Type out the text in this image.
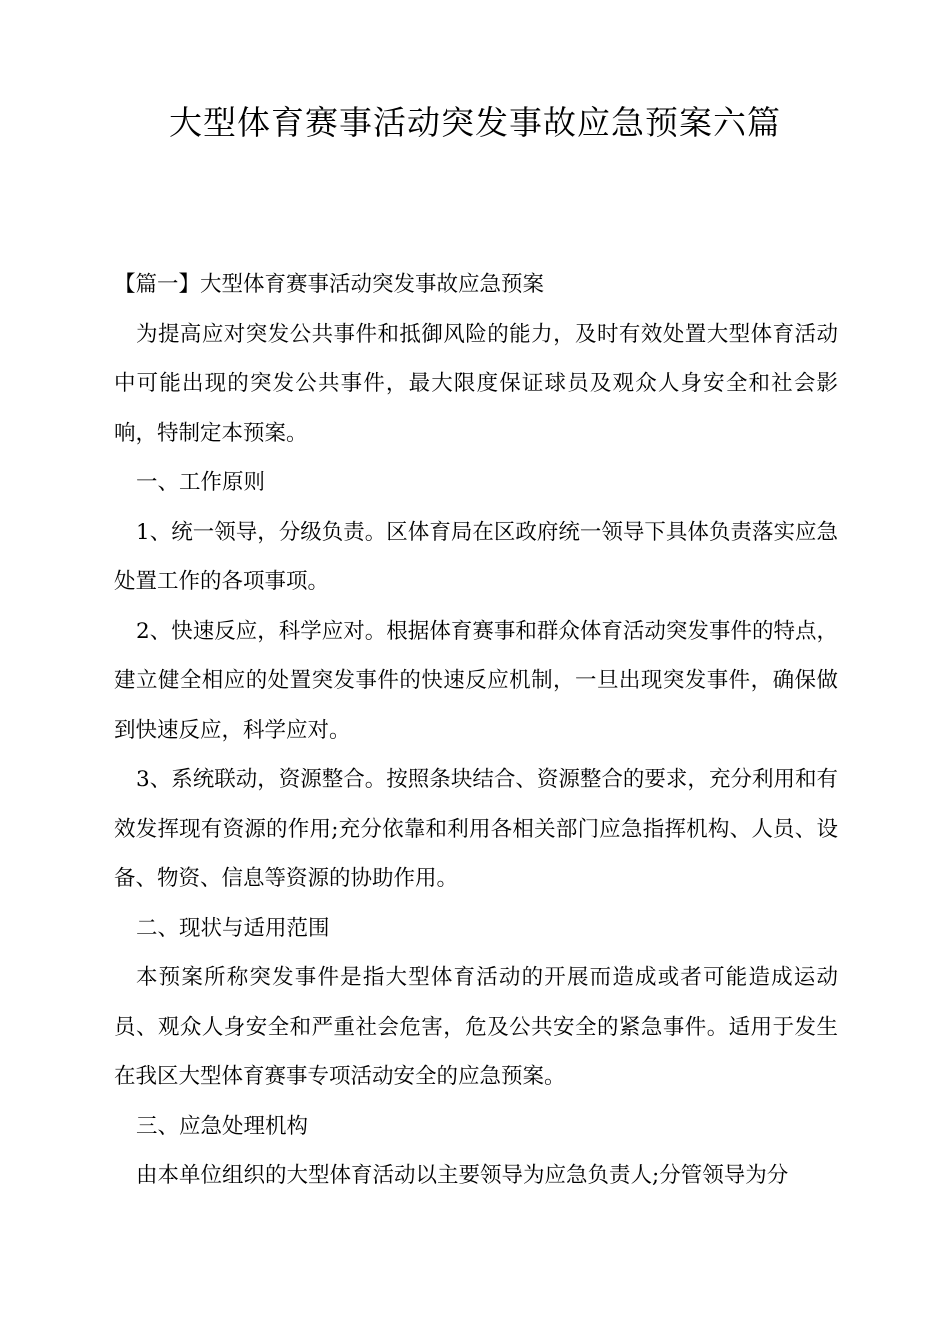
大型体育赛事活动突发事故应急预案六篇

【篇一】大型体育赛事活动突发事故应急预案

为提高应对突发公共事件和抵御风险的能力，及时有效处置大型体育活动中可能出现的突发公共事件，最大限度保证球员及观众人身安全和社会影响，特制定本预案。

一、工作原则

1、统一领导，分级负责。区体育局在区政府统一领导下具体负责落实应急处置工作的各项事项。

2、快速反应，科学应对。根据体育赛事和群众体育活动突发事件的特点，建立健全相应的处置突发事件的快速反应机制，一旦出现突发事件，确保做到快速反应，科学应对。

3、系统联动，资源整合。按照条块结合、资源整合的要求，充分利用和有效发挥现有资源的作用;充分依靠和利用各相关部门应急指挥机构、人员、设备、物资、信息等资源的协助作用。

二、现状与适用范围

本预案所称突发事件是指大型体育活动的开展而造成或者可能造成运动员、观众人身安全和严重社会危害，危及公共安全的紧急事件。适用于发生在我区大型体育赛事专项活动安全的应急预案。

三、应急处理机构

由本单位组织的大型体育活动以主要领导为应急负责人;分管领导为分
